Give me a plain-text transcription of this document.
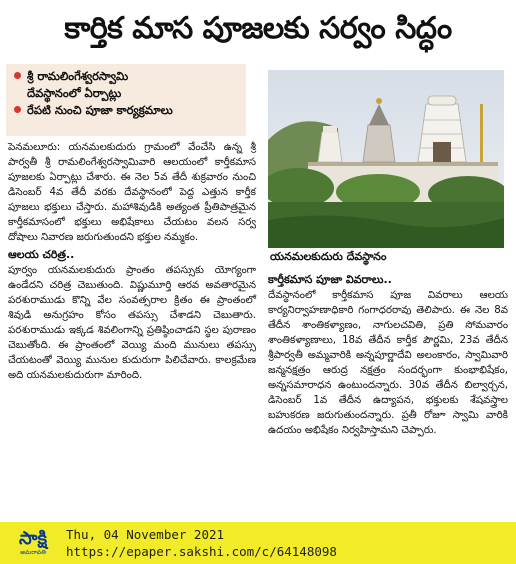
కార్తిక మాస పూజలకు సర్వం సిద్ధం
శ్రీ రామలింగేశ్వరస్వామి
దేవస్థానంలో ఏర్పాట్లు
రేపటి నుంచి పూజా కార్యక్రమాలు
యనమలకుదురు దేవస్థానం
పెనమలూరు: యనమలకుదురు గ్రామంలో వేంచేసి ఉన్న శ్రీ పార్వతీ శ్రీ రామలింగేశ్వరస్వామివారి ఆలయంలో కార్తీకమాస పూజలకు ఏర్పాట్లు చేశారు. ఈ నెల 5వ తేదీ శుక్రవారం నుంచి డిసెంబర్ 4వ తేదీ వరకు దేవస్థానంలో పెద్ద ఎత్తున కార్తీక పూజలు భక్తులు చేస్తారు. మహాశివుడికి అత్యంత ప్రీతిపాత్రమైన కార్తీకమాసంలో భక్తులు అభిషేకాలు చేయటం వలన సర్వ దోషాలు నివారణ జరుగుతుందని భక్తుల నమ్మకం.
ఆలయ చరిత్ర..
పూర్వం యనమలకుదురు ప్రాంతం తపస్సుకు యోగ్యంగా ఉండేదని చరిత్ర చెబుతుంది. విష్ణుమూర్తి ఆరవ అవతారమైన పరశురాముడు కొన్ని వేల సంవత్సరాల క్రితం ఈ ప్రాంతంలో శివుడి అనుగ్రహం కోసం తపస్సు చేశాడని చెబుతారు. పరశురాముడు ఇక్కడ శివలింగాన్ని ప్రతిష్ఠించాడని స్థల పురాణం చెబుతోంది. ఈ ప్రాంతంలో వెయ్యి మంది మునులు తపస్సు చేయటంతో వెయ్యి మునుల కుదురుగా పిలిచేవారు. కాలక్రమేణ అది యనమలకుదురుగా మారింది.
కార్తీకమాస పూజా వివరాలు..
దేవస్థానంలో కార్తీకమాస పూజ వివరాలు ఆలయ కార్యనిర్వాహణాధికారి గంగాధరరావు తెలిపారు. ఈ నెల 8వ తేదీన శాంతికళ్యాణం, నాగులచవితి, ప్రతి సోమవారం శాంతికళ్యాణాలు, 18వ తేదీన కార్తీక పౌర్ణమి, 23వ తేదీన శ్రీపార్వతీ అమ్మవారికి అన్నపూర్ణాదేవి అలంకారం, స్వామివారి జన్మనక్షత్రం ఆరుద్ర నక్షత్రం సందర్భంగా కుంభాభిషేకం, అన్నసమారాధన ఉంటుందన్నారు. 30వ తేదీన బిల్వార్చన, డిసెంబర్ 1వ తేదీన ఉద్యాపన, భక్తులకు శేషవస్త్రాల బహుకరణ జరుగుతుందన్నారు. ప్రతీ రోజూ స్వామి వారికి ఉదయం అభిషేకం నిర్వహిస్తామని చెప్పారు.
సాక్షి
అమరావతి
Thu, 04 November 2021
https://epaper.sakshi.com/c/64148098
